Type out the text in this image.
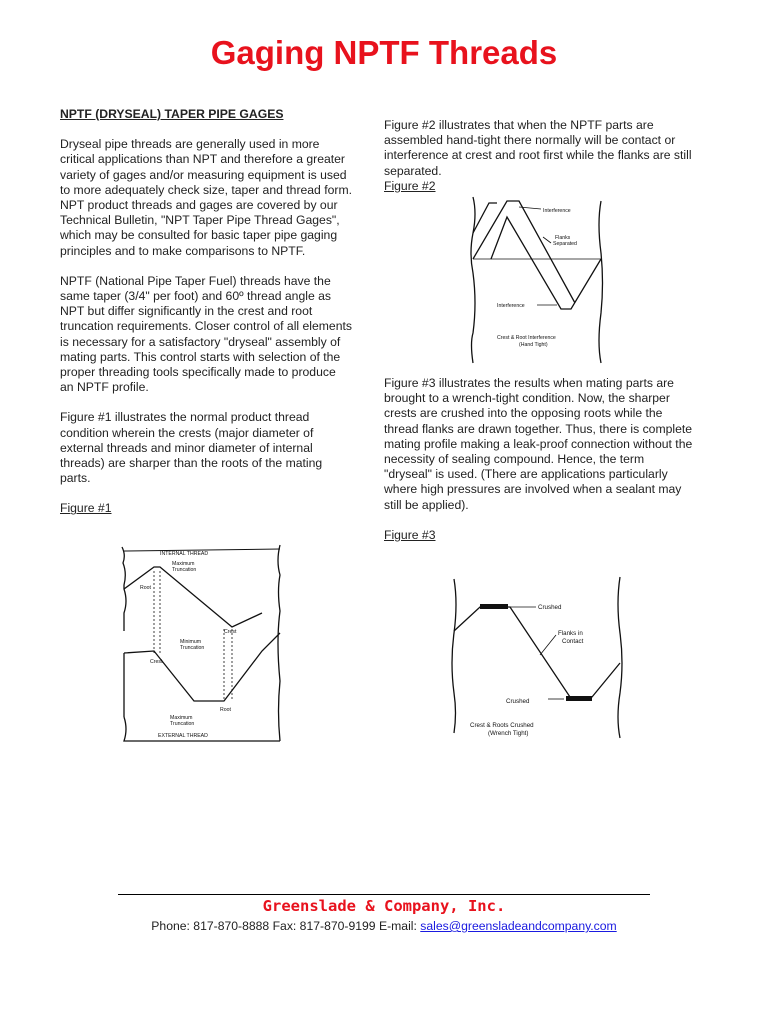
Gaging NPTF Threads
NPTF (DRYSEAL) TAPER PIPE GAGES

Dryseal pipe threads are generally used in more critical applications than NPT and therefore a greater variety of gages and/or measuring equipment is used to more adequately check size, taper and thread form. NPT product threads and gages are covered by our Technical Bulletin, "NPT Taper Pipe Thread Gages", which may be consulted for basic taper pipe gaging principles and to make comparisons to NPTF.

NPTF (National Pipe Taper Fuel) threads have the same taper (3/4" per foot) and 60º thread angle as NPT but differ significantly in the crest and root truncation requirements. Closer control of all elements is necessary for a satisfactory "dryseal" assembly of mating parts. This control starts with selection of the proper threading tools specifically made to produce an NPTF profile.

Figure #1 illustrates the normal product thread condition wherein the crests (major diameter of external threads and minor diameter of internal threads) are sharper than the roots of the mating parts.

Figure #1
Figure #2 illustrates that when the NPTF parts are assembled hand-tight there normally will be contact or interference at crest and root first while the flanks are still separated.
Figure #2

Figure #3 illustrates the results when mating parts are brought to a wrench-tight condition. Now, the sharper crests are crushed into the opposing roots while the thread flanks are drawn together. Thus, there is complete mating profile making a leak-proof connection without the necessity of sealing compound. Hence, the term "dryseal" is used. (There are applications particularly where high pressures are involved when a sealant may still be applied).

Figure #3
INTERNAL THREAD
Maximum
Truncation
Root
Crest
Minimum
Truncation
Crest
Root
Maximum
Truncation
EXTERNAL THREAD
Interference
Flanks
Separated
Interference
Crest & Root Interference
(Hand Tight)
Crushed
Flanks in
Contact
Crushed
Crest & Roots Crushed
(Wrench Tight)
Greenslade & Company, Inc.
Phone: 817-870-8888 Fax: 817-870-9199 E-mail: sales@greensladeandcompany.com
